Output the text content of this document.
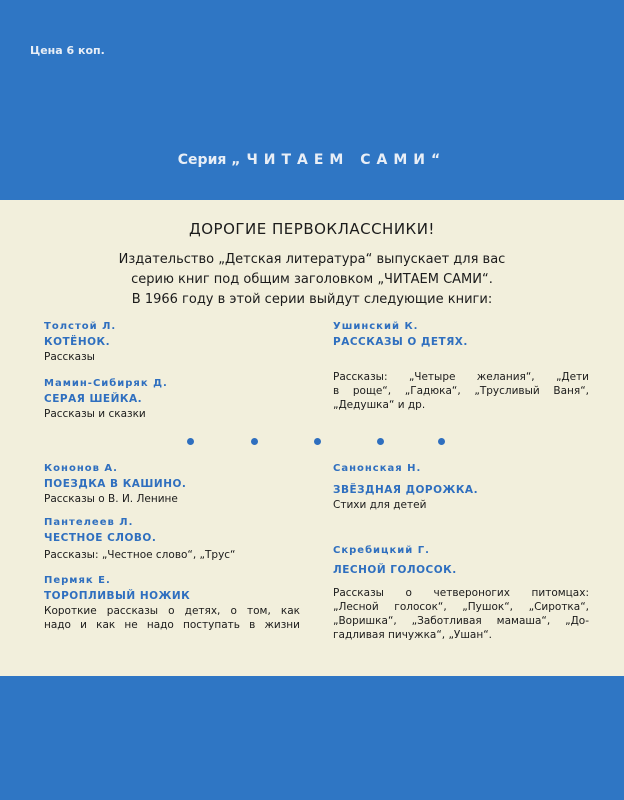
Цена 6 коп.
Серия „ЧИТАЕМ САМИ“
ДОРОГИЕ ПЕРВОКЛАССНИКИ!
Издательство „Детская литература“ выпускает для вас
серию книг под общим заголовком „ЧИТАЕМ САМИ“.
В 1966 году в этой серии выйдут следующие книги:
Толстой Л.
КОТЁНОК.
Рассказы
Мамин-Сибиряк Д.
СЕРАЯ ШЕЙКА.
Рассказы и сказки
Ушинский К.
РАССКАЗЫ О ДЕТЯХ.
Рассказы: „Четыре желания“, „Дети
в роще“, „Гадюка“, „Трусливый Ваня“,
„Дедушка“ и др.
Кононов А.
ПОЕЗДКА В КАШИНО.
Рассказы о В. И. Ленине
Пантелеев Л.
ЧЕСТНОЕ СЛОВО.
Рассказы: „Честное слово“, „Трус“
Пермяк Е.
ТОРОПЛИВЫЙ НОЖИК
Короткие рассказы о детях, о том, как
надо и как не надо поступать в жизни
Санонская Н.
ЗВЁЗДНАЯ ДОРОЖКА.
Стихи для детей
Скребицкий Г.
ЛЕСНОЙ ГОЛОСОК.
Рассказы о четвероногих питомцах:
„Лесной голосок“, „Пушок“, „Сиротка“,
„Воришка“, „Заботливая мамаша“, „До-
гадливая пичужка“, „Ушан“.
